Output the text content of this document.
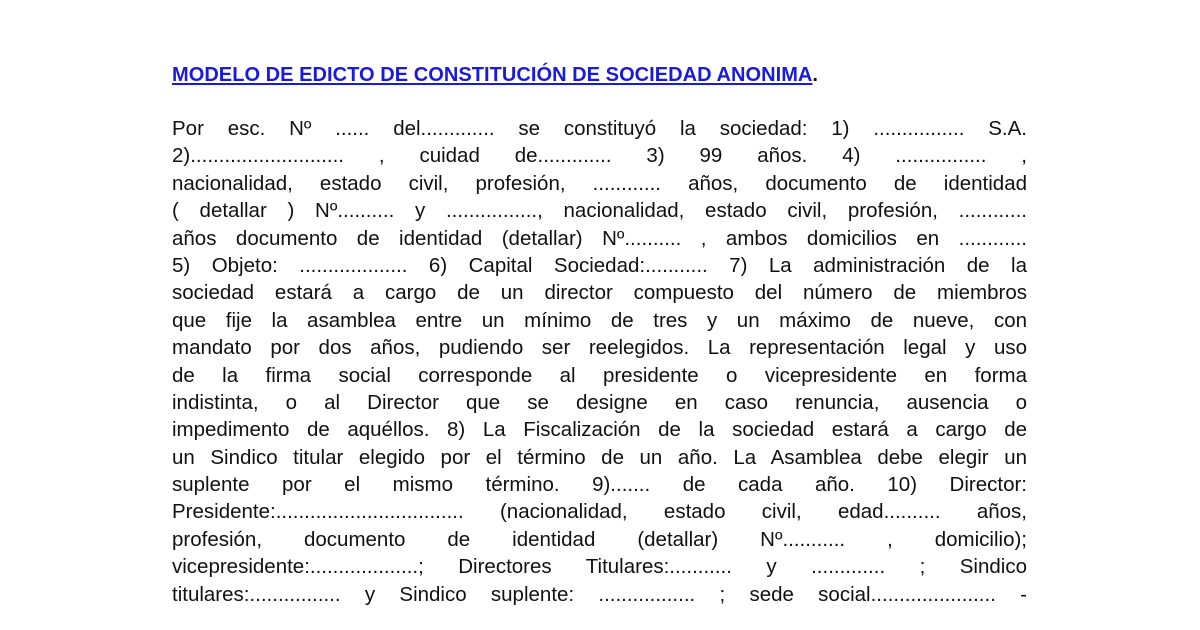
MODELO DE EDICTO DE CONSTITUCIÓN DE SOCIEDAD ANONIMA.
Por esc. Nº ...... del............. se constituyó la sociedad: 1) ................ S.A.
2)........................... , cuidad de............. 3) 99 años. 4) ................ ,
nacionalidad, estado civil, profesión, ............ años, documento de identidad
( detallar ) Nº.......... y ................, nacionalidad, estado civil, profesión, ............
años documento de identidad (detallar) Nº.......... , ambos domicilios en ............
5) Objeto: ................... 6) Capital Sociedad:........... 7) La administración de la
sociedad estará a cargo de un director compuesto del número de miembros
que fije la asamblea entre un mínimo de tres y un máximo de nueve, con
mandato por dos años, pudiendo ser reelegidos. La representación legal y uso
de la firma social corresponde al presidente o vicepresidente en forma
indistinta, o al Director que se designe en caso renuncia, ausencia o
impedimento de aquéllos. 8) La Fiscalización de la sociedad estará a cargo de
un Sindico titular elegido por el término de un año. La Asamblea debe elegir un
suplente por el mismo término. 9)....... de cada año. 10) Director:
Presidente:................................. (nacionalidad, estado civil, edad.......... años,
profesión, documento de identidad (detallar) Nº........... , domicilio);
vicepresidente:...................; Directores Titulares:........... y ............. ; Sindico
titulares:................ y Sindico suplente: ................. ; sede social...................... -
